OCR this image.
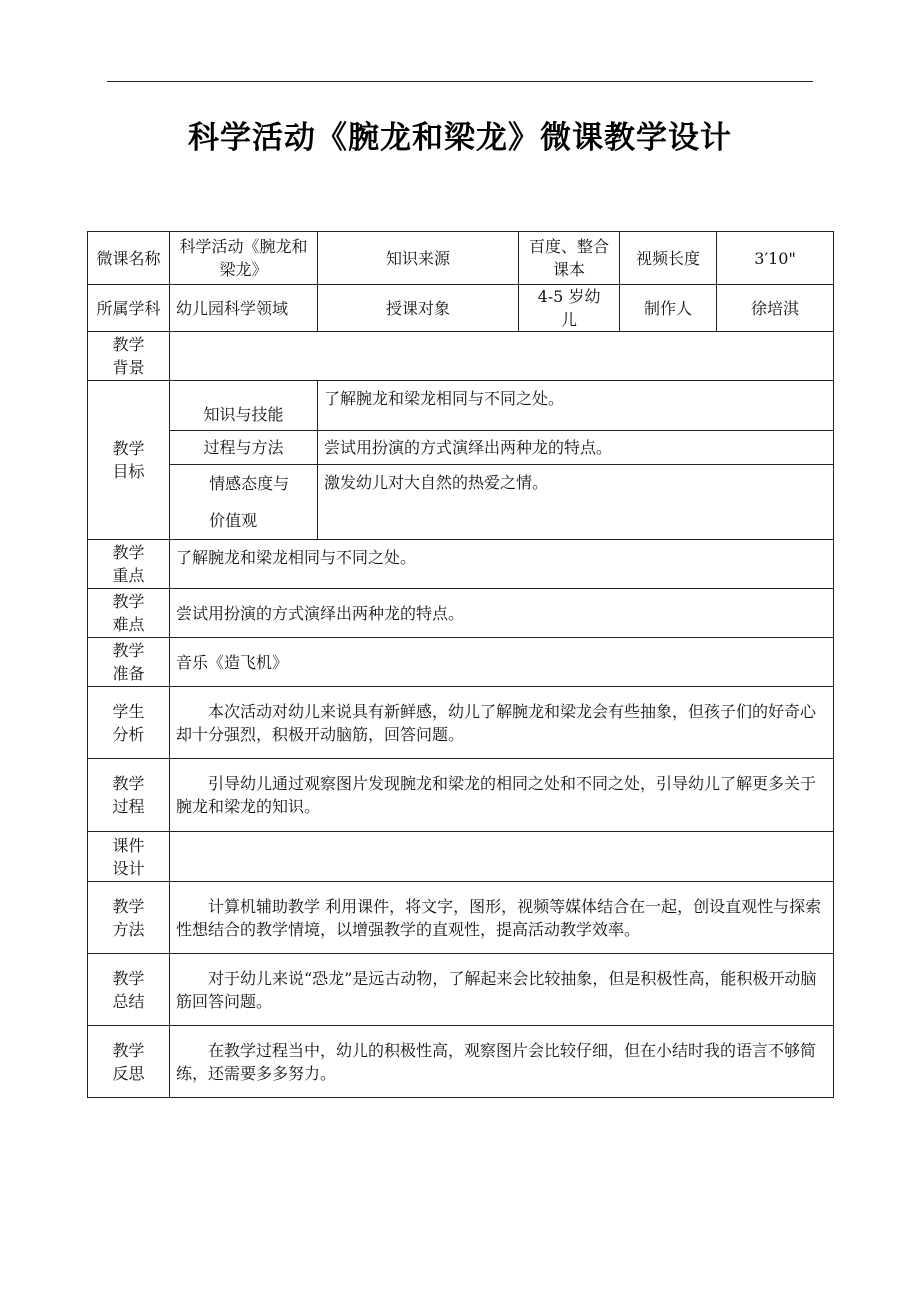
科学活动《腕龙和梁龙》微课教学设计
微课名称	科学活动《腕龙和梁龙》	知识来源	百度、整合课本	视频长度	3′10"
所属学科	幼儿园科学领域	授课对象	4-5 岁幼儿	制作人	徐培淇

教学背景					

教学目标	知识与技能	了解腕龙和梁龙相同与不同之处。			
	过程与方法	尝试用扮演的方式演绎出两种龙的特点。			

	情感态度与价值观	激发幼儿对大自然的热爱之情。			

教学重点	了解腕龙和梁龙相同与不同之处。				

教学难点	尝试用扮演的方式演绎出两种龙的特点。				

教学准备	音乐《造飞机》				

学生分析	本次活动对幼儿来说具有新鲜感，幼儿了解腕龙和梁龙会有些抽象，但孩子们的好奇心却十分强烈，积极开动脑筋，回答问题。				

教学过程	引导幼儿通过观察图片发现腕龙和梁龙的相同之处和不同之处，引导幼儿了解更多关于腕龙和梁龙的知识。				

课件设计					

教学方法	计算机辅助教学 利用课件，将文字，图形，视频等媒体结合在一起，创设直观性与探索性想结合的教学情境，以增强教学的直观性，提高活动教学效率。				

教学总结	对于幼儿来说“恐龙”是远古动物，了解起来会比较抽象，但是积极性高，能积极开动脑筋回答问题。				

教学反思	在教学过程当中，幼儿的积极性高，观察图片会比较仔细，但在小结时我的语言不够简练，还需要多多努力。				
